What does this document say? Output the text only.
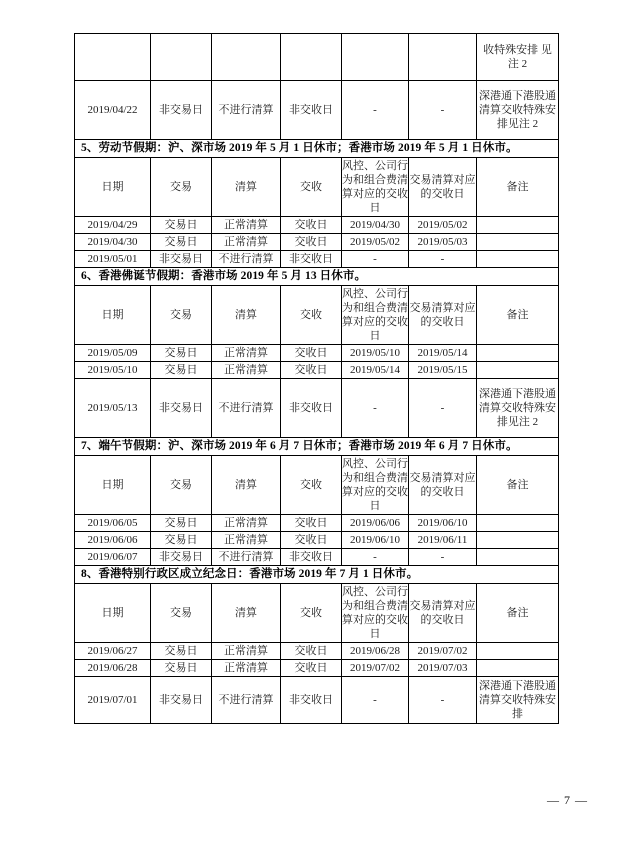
						收特殊安排 见注 2

2019/04/22	非交易日	不进行清算	非交收日	-	-	深港通下港股通清算交收特殊安排见注 2

5、劳动节假期：沪、深市场 2019 年 5 月 1 日休市；香港市场 2019 年 5 月 1 日休市。						

日期	交易	清算	交收	风控、公司行为和组合费清算对应的交收日	交易清算对应的交收日	备注

2019/04/29	交易日	正常清算	交收日	2019/04/30	2019/05/02	

2019/04/30	交易日	正常清算	交收日	2019/05/02	2019/05/03	

2019/05/01	非交易日	不进行清算	非交收日	-	-	

6、香港佛诞节假期：香港市场 2019 年 5 月 13 日休市。						

日期	交易	清算	交收	风控、公司行为和组合费清算对应的交收日	交易清算对应的交收日	备注

2019/05/09	交易日	正常清算	交收日	2019/05/10	2019/05/14	

2019/05/10	交易日	正常清算	交收日	2019/05/14	2019/05/15	

2019/05/13	非交易日	不进行清算	非交收日	-	-	深港通下港股通清算交收特殊安排见注 2

7、端午节假期：沪、深市场 2019 年 6 月 7 日休市；香港市场 2019 年 6 月 7 日休市。						

日期	交易	清算	交收	风控、公司行为和组合费清算对应的交收日	交易清算对应的交收日	备注

2019/06/05	交易日	正常清算	交收日	2019/06/06	2019/06/10	

2019/06/06	交易日	正常清算	交收日	2019/06/10	2019/06/11	

2019/06/07	非交易日	不进行清算	非交收日	-	-	

8、香港特别行政区成立纪念日：香港市场 2019 年 7 月 1 日休市。						

日期	交易	清算	交收	风控、公司行为和组合费清算对应的交收日	交易清算对应的交收日	备注

2019/06/27	交易日	正常清算	交收日	2019/06/28	2019/07/02	

2019/06/28	交易日	正常清算	交收日	2019/07/02	2019/07/03	

2019/07/01	非交易日	不进行清算	非交收日	-	-	深港通下港股通清算交收特殊安排
— 7 —
